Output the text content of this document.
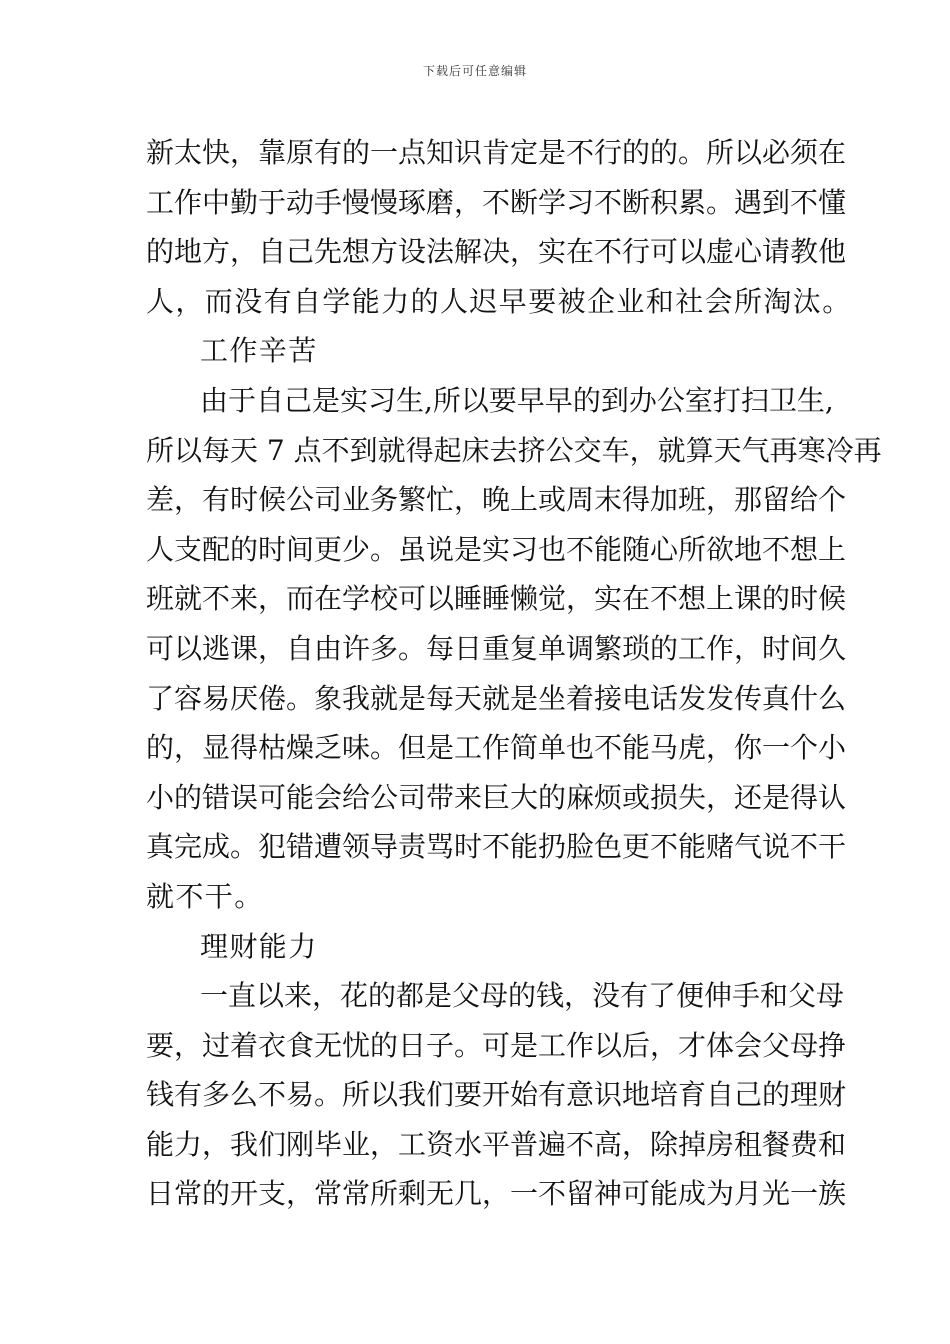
下载后可任意编辑
新太快，靠原有的一点知识肯定是不行的的。所以必须在
工作中勤于动手慢慢琢磨，不断学习不断积累。遇到不懂
的地方，自己先想方设法解决，实在不行可以虚心请教他
人，而没有自学能力的人迟早要被企业和社会所淘汰。
工作辛苦
由于自己是实习生,所以要早早的到办公室打扫卫生,
所以每天 7 点不到就得起床去挤公交车，就算天气再寒冷再
差，有时候公司业务繁忙，晚上或周末得加班，那留给个
人支配的时间更少。虽说是实习也不能随心所欲地不想上
班就不来，而在学校可以睡睡懒觉，实在不想上课的时候
可以逃课，自由许多。每日重复单调繁琐的工作，时间久
了容易厌倦。象我就是每天就是坐着接电话发发传真什么
的，显得枯燥乏味。但是工作简单也不能马虎，你一个小
小的错误可能会给公司带来巨大的麻烦或损失，还是得认
真完成。犯错遭领导责骂时不能扔脸色更不能赌气说不干
就不干。
理财能力
一直以来，花的都是父母的钱，没有了便伸手和父母
要，过着衣食无忧的日子。可是工作以后，才体会父母挣
钱有多么不易。所以我们要开始有意识地培育自己的理财
能力，我们刚毕业，工资水平普遍不高，除掉房租餐费和
日常的开支，常常所剩无几，一不留神可能成为月光一族
